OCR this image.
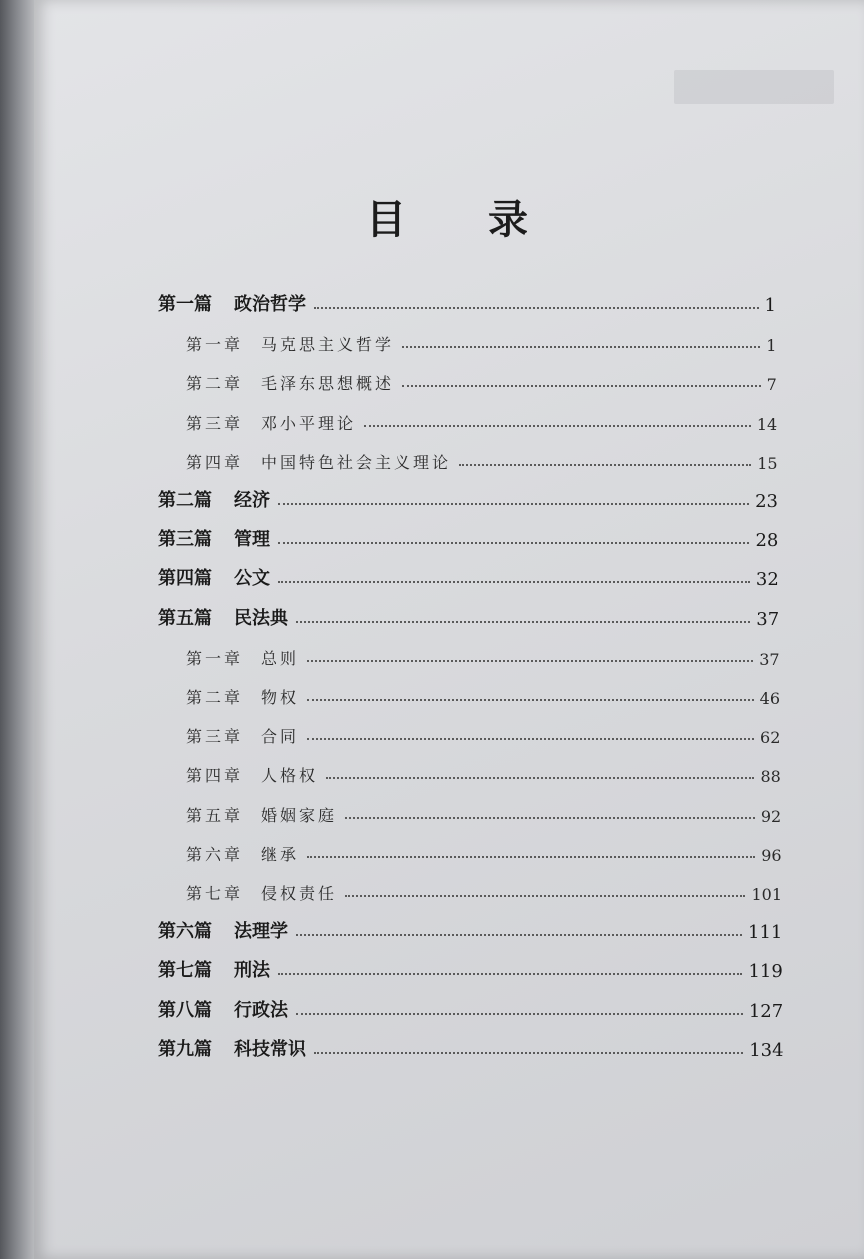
目 录
第一篇 政治哲学	1
第一章 马克思主义哲学	1
第二章 毛泽东思想概述	7
第三章 邓小平理论	14
第四章 中国特色社会主义理论	15
第二篇 经济	23
第三篇 管理	28
第四篇 公文	32
第五篇 民法典	37
第一章 总则	37
第二章 物权	46
第三章 合同	62
第四章 人格权	88
第五章 婚姻家庭	92
第六章 继承	96
第七章 侵权责任	101
第六篇 法理学	111
第七篇 刑法	119
第八篇 行政法	127
第九篇 科技常识	134
